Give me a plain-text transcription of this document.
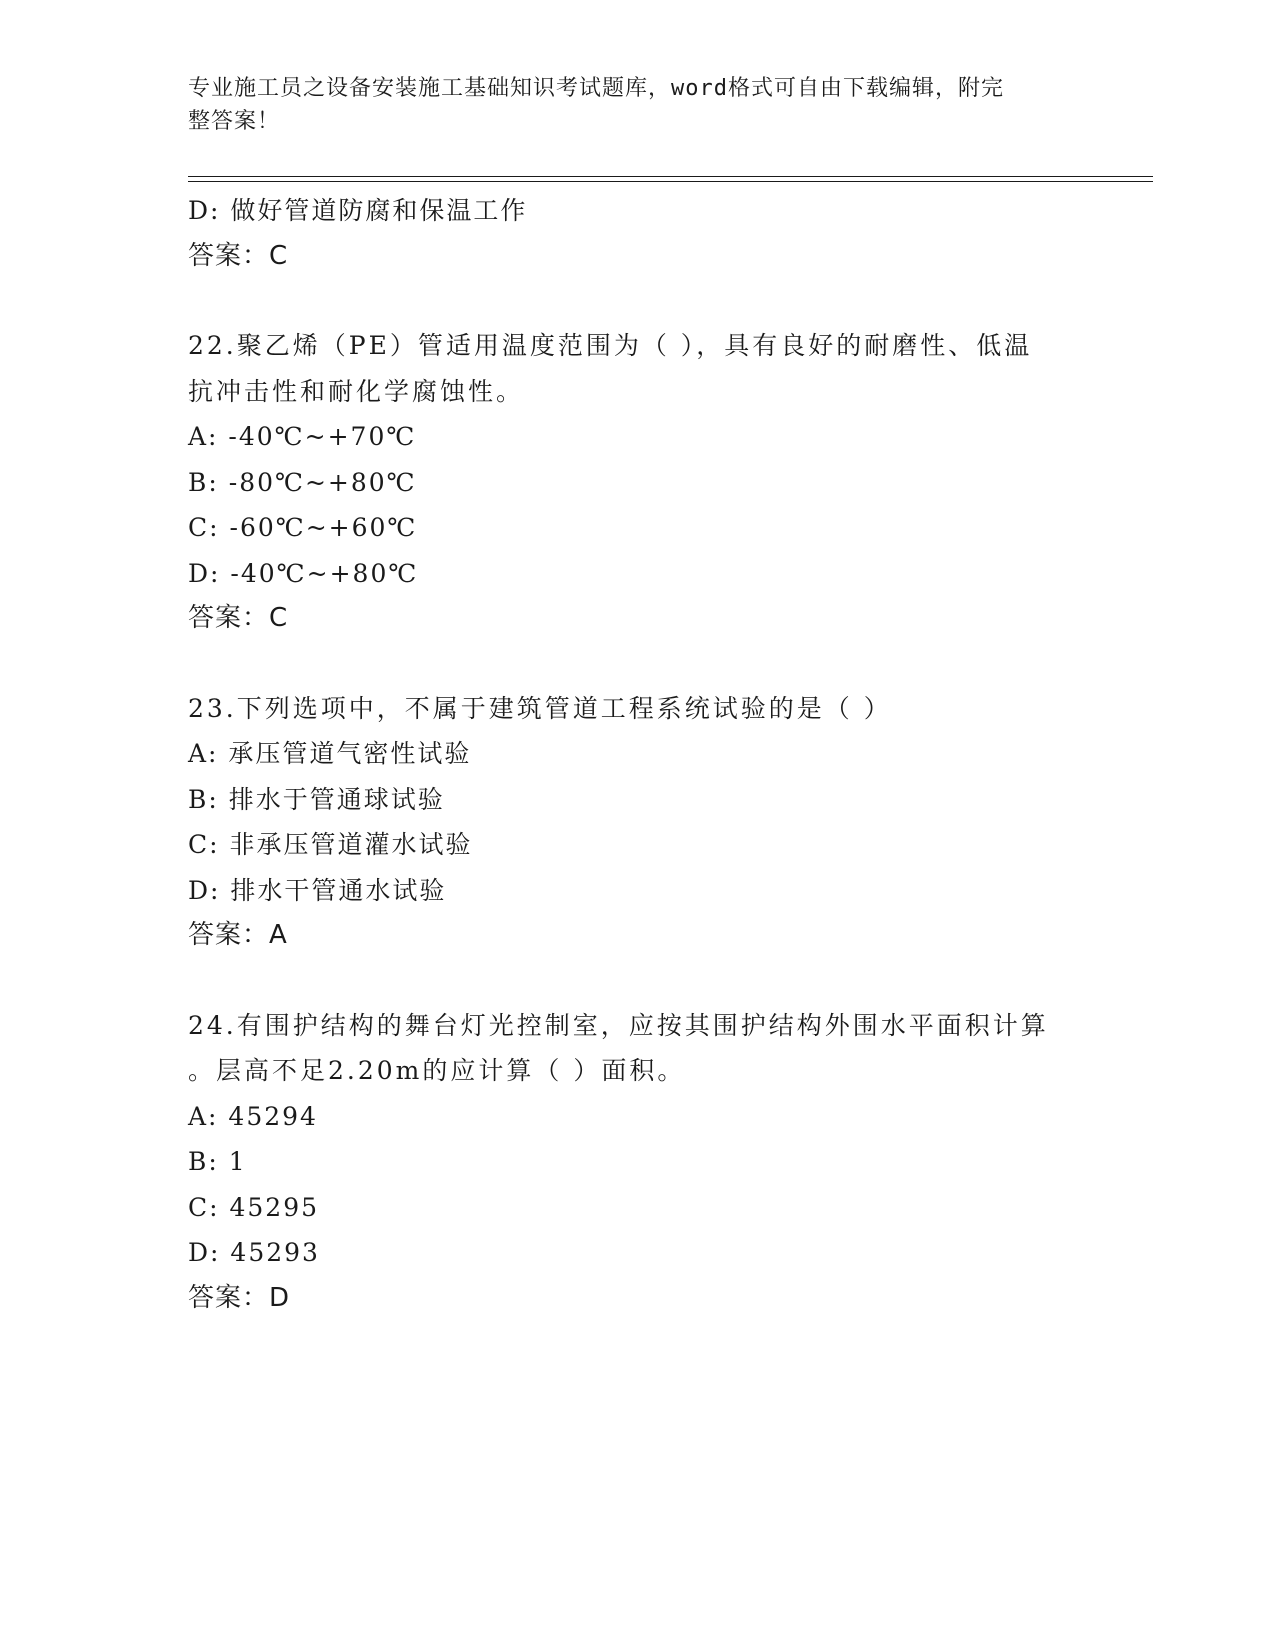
专业施工员之设备安装施工基础知识考试题库，word格式可自由下载编辑，附完
整答案！
D: 做好管道防腐和保温工作
答案：C
22.聚乙烯（PE）管适用温度范围为（ ），具有良好的耐磨性、低温
抗冲击性和耐化学腐蚀性。
A: -40℃~+70℃
B: -80℃~+80℃
C: -60℃~+60℃
D: -40℃~+80℃
答案：C
23.下列选项中，不属于建筑管道工程系统试验的是（ ）
A: 承压管道气密性试验
B: 排水于管通球试验
C: 非承压管道灌水试验
D: 排水干管通水试验
答案：A
24.有围护结构的舞台灯光控制室，应按其围护结构外围水平面积计算
。层高不足2.20m的应计算（ ）面积。
A: 45294
B: 1
C: 45295
D: 45293
答案：D
